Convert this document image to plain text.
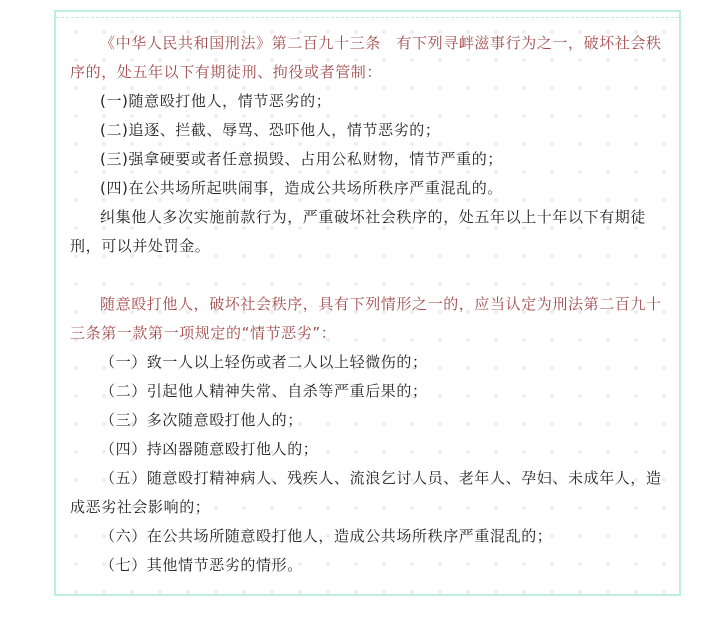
《中华人民共和国刑法》第二百九十三条　有下列寻衅滋事行为之一，破坏社会秩序的，处五年以下有期徒刑、拘役或者管制：

(一)随意殴打他人，情节恶劣的；

(二)追逐、拦截、辱骂、恐吓他人，情节恶劣的；

(三)强拿硬要或者任意损毁、占用公私财物，情节严重的；

(四)在公共场所起哄闹事，造成公共场所秩序严重混乱的。

纠集他人多次实施前款行为，严重破坏社会秩序的，处五年以上十年以下有期徒刑，可以并处罚金。

随意殴打他人，破坏社会秩序，具有下列情形之一的，应当认定为刑法第二百九十三条第一款第一项规定的“情节恶劣”：

（一）致一人以上轻伤或者二人以上轻微伤的；

（二）引起他人精神失常、自杀等严重后果的；

（三）多次随意殴打他人的；

（四）持凶器随意殴打他人的；

（五）随意殴打精神病人、残疾人、流浪乞讨人员、老年人、孕妇、未成年人，造成恶劣社会影响的；

（六）在公共场所随意殴打他人，造成公共场所秩序严重混乱的；

（七）其他情节恶劣的情形。
